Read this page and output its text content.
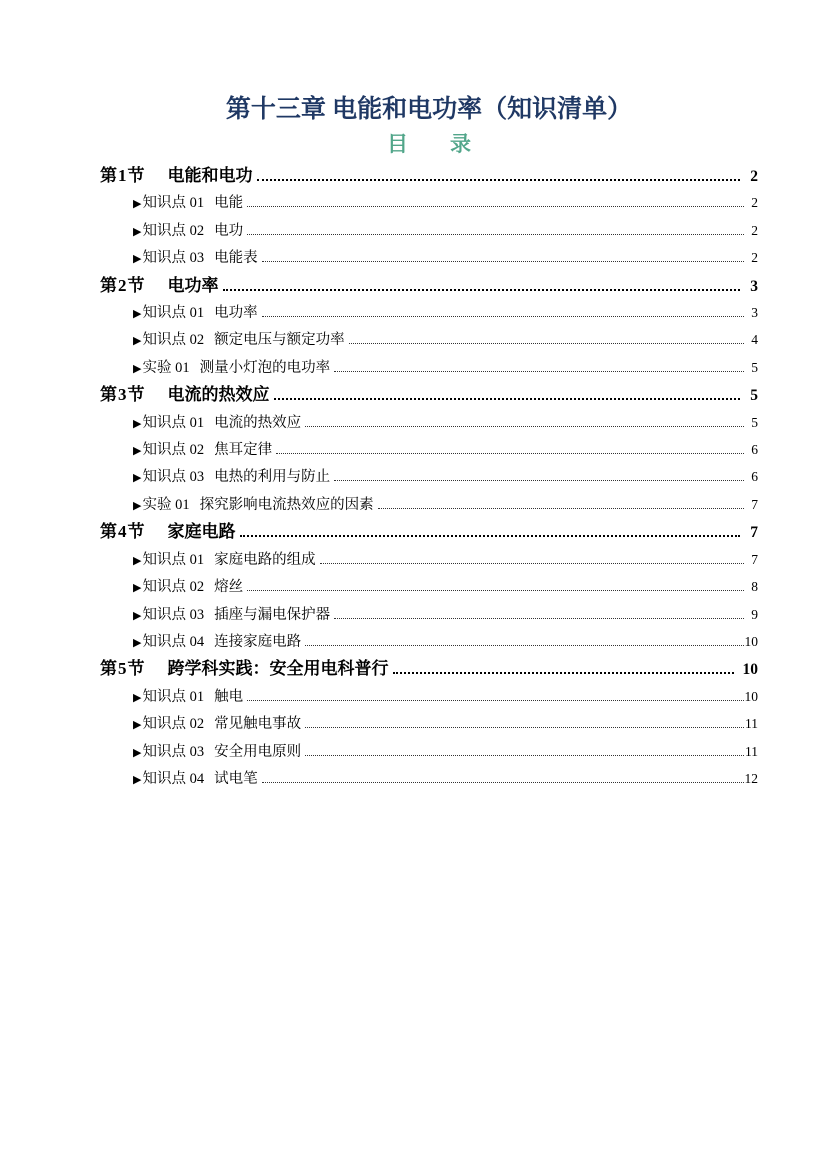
第十三章 电能和电功率（知识清单）
目　　录
第1节 电能和电功	2
▶ 知识点 01 电能	2
▶ 知识点 02 电功	2
▶ 知识点 03 电能表	2
第2节 电功率	3
▶ 知识点 01 电功率	3
▶ 知识点 02 额定电压与额定功率	4
▶ 实验 01 测量小灯泡的电功率	5
第3节 电流的热效应	5
▶ 知识点 01 电流的热效应	5
▶ 知识点 02 焦耳定律	6
▶ 知识点 03 电热的利用与防止	6
▶ 实验 01 探究影响电流热效应的因素	7
第4节 家庭电路	7
▶ 知识点 01 家庭电路的组成	7
▶ 知识点 02 熔丝	8
▶ 知识点 03 插座与漏电保护器	9
▶ 知识点 04 连接家庭电路	10
第5节 跨学科实践：安全用电科普行	10
▶ 知识点 01 触电	10
▶ 知识点 02 常见触电事故	11
▶ 知识点 03 安全用电原则	11
▶ 知识点 04 试电笔	12
